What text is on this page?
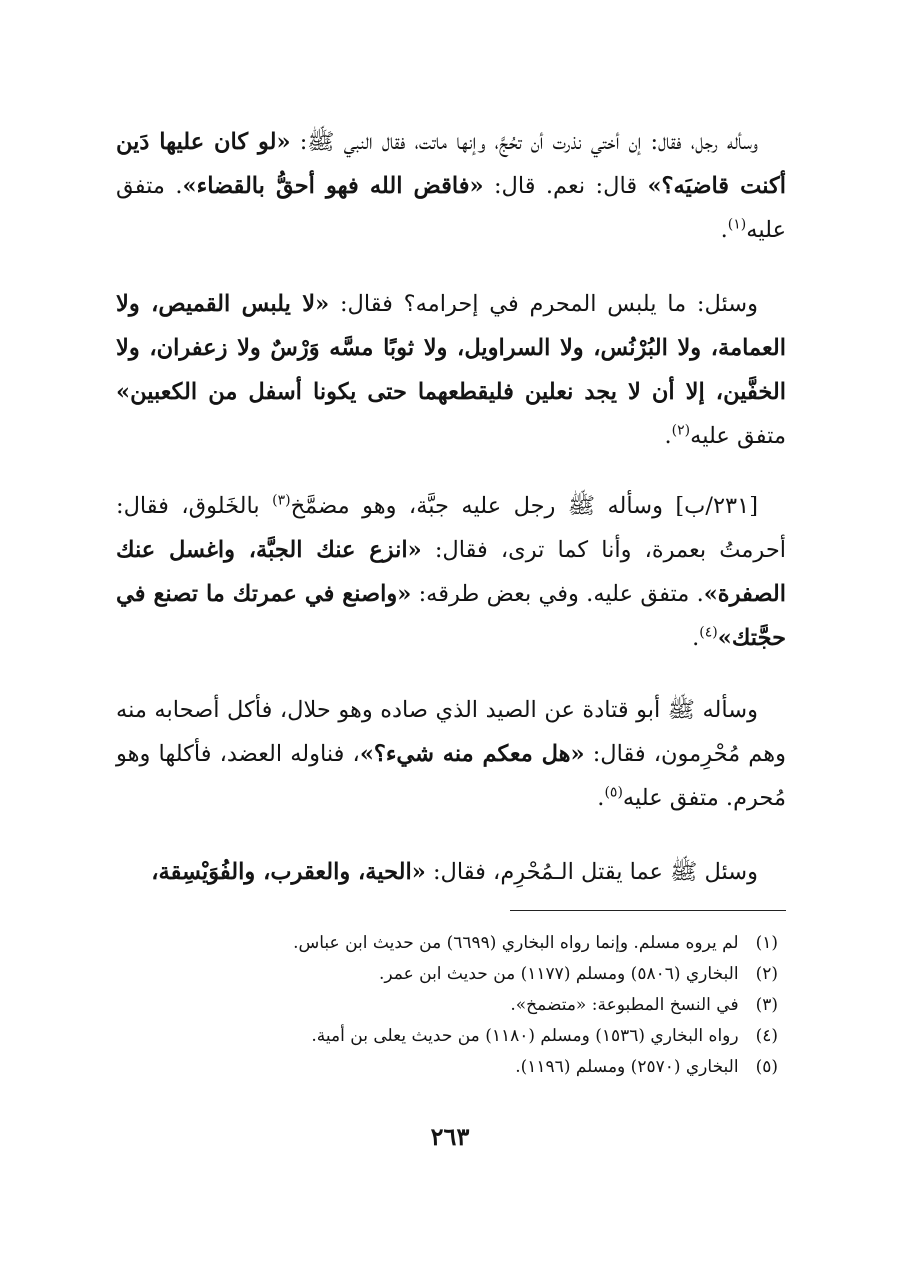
وسأله رجل، فقال: إن أختي نذرت أن تحُجَّ، وإنها ماتت، فقال النبي ﷺ: «لو كان عليها دَين أكنت قاضيَه؟» قال: نعم. قال: «فاقض الله فهو أحقُّ بالقضاء». متفق عليه$^{(١)}$.

وسئل: ما يلبس المحرم في إحرامه؟ فقال: «لا يلبس القميص، ولا العمامة، ولا البُرْنُس، ولا السراويل، ولا ثوبًا مسَّه وَرْسٌ ولا زعفران، ولا الخفَّين، إلا أن لا يجد نعلين فليقطعهما حتى يكونا أسفل من الكعبين» متفق عليه$^{(٢)}$.

[٢٣١/ب] وسأله ﷺ رجل عليه جبَّة، وهو مضمَّخ$^{(٣)}$ بالخَلوق، فقال: أحرمتُ بعمرة، وأنا كما ترى، فقال: «انزع عنك الجبَّة، واغسل عنك الصفرة». متفق عليه. وفي بعض طرقه: «واصنع في عمرتك ما تصنع في حجَّتك»$^{(٤)}$.

وسأله ﷺ أبو قتادة عن الصيد الذي صاده وهو حلال، فأكل أصحابه منه وهم مُحْرِمون، فقال: «هل معكم منه شيء؟»، فناوله العضد، فأكلها وهو مُحرم. متفق عليه$^{(٥)}$.

وسئل ﷺ عما يقتل الـمُحْرِم، فقال: «الحية، والعقرب، والفُوَيْسِقة،

(١) لم يروه مسلم. وإنما رواه البخاري (٦٦٩٩) من حديث ابن عباس.
(٢) البخاري (٥٨٠٦) ومسلم (١١٧٧) من حديث ابن عمر.
(٣) في النسخ المطبوعة: «متضمخ».
(٤) رواه البخاري (١٥٣٦) ومسلم (١١٨٠) من حديث يعلى بن أمية.
(٥) البخاري (٢٥٧٠) ومسلم (١١٩٦).
٢٦٣
